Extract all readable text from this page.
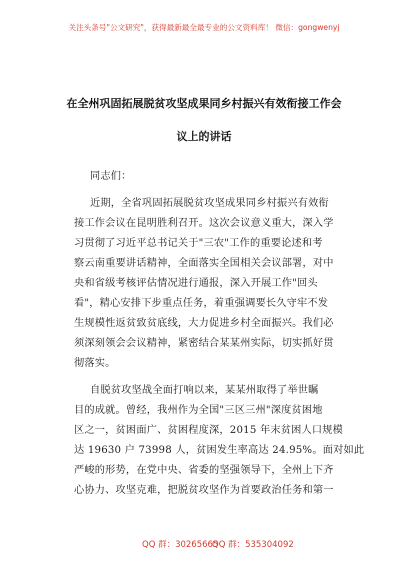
关注头条号"公文研究"，获得最新最全最专业的公文资料库！ 微信：gongwenyj
在全州巩固拓展脱贫攻坚成果同乡村振兴有效衔接工作会
议上的讲话
同志们：
近期，全省巩固拓展脱贫攻坚成果同乡村振兴有效衔
接工作会议在昆明胜利召开。这次会议意义重大，深入学
习贯彻了习近平总书记关于"三农"工作的重要论述和考
察云南重要讲话精神，全面落实全国相关会议部署，对中
央和省级考核评估情况进行通报，深入开展工作"回头
看"，精心安排下步重点任务，着重强调要长久守牢不发
生规模性返贫致贫底线，大力促进乡村全面振兴。我们必
须深刻领会会议精神，紧密结合某某州实际，切实抓好贯
彻落实。
自脱贫攻坚战全面打响以来，某某州取得了举世瞩
目的成就。曾经，我州作为全国"三区三州"深度贫困地
区之一，贫困面广、贫困程度深，2015 年末贫困人口规模
达 19630 户 73998 人，贫困发生率高达 24.95%。面对如此
严峻的形势，在党中央、省委的坚强领导下，全州上下齐
心协力、攻坚克难，把脱贫攻坚作为首要政治任务和第一
QQ 群：30265665
QQ 群：535304092
